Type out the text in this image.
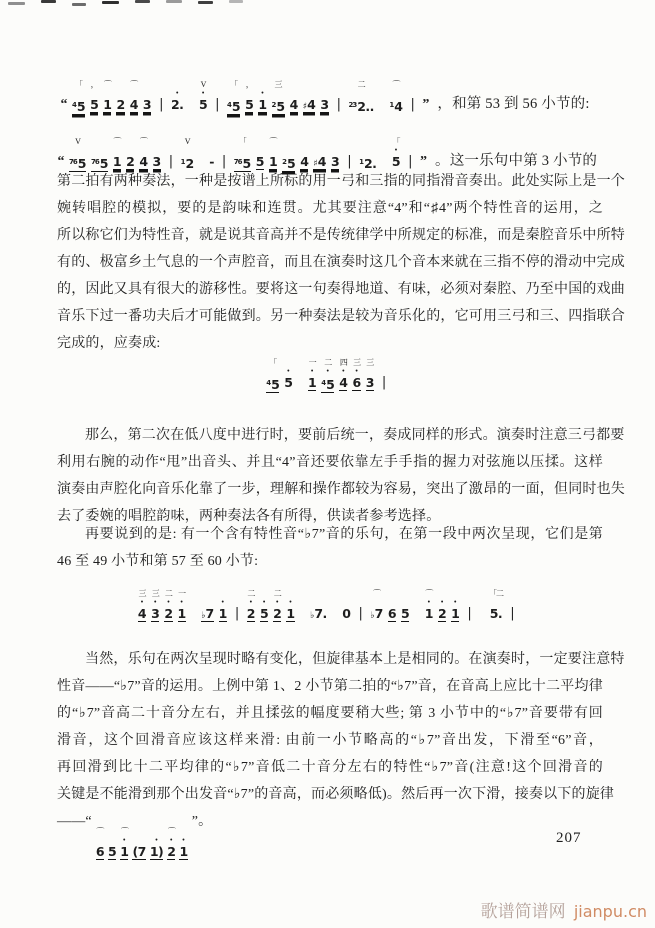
“

「

$^4$5

，

5

⌒

1

2

⌒

4

3

|

•
2.

V
•
5

|

「

$^4$5

，

5

•
1

三

$^2$5

4

♯4

3

|

二

$^{23}$2..

⌒

$^1$4

|

”
，和第 53 到 56 小节的:

“

V

$^{76}$5

$^{76}$5

⌒

1

2

⌒

4

3

|

V

$^1$2

-

|

「

$^{76}$5

5

⌒

1

$^2$5

4

♯4

3

|

	$^1$2.

「
•
5

|

”
。这一乐句中第 3 小节的
第二拍有两种奏法，一种是按谱上所标的用一弓和三指的同指滑音奏出。此处实际上是一个
婉转唱腔的模拟，要的是韵味和连贯。尤其要注意“4”和“♯4”两个特性音的运用，之
所以称它们为特性音，就是说其音高并不是传统律学中所规定的标准，而是秦腔音乐中所特
有的、极富乡土气息的一个声腔音，而且在演奏时这几个音本来就在三指不停的滑动中完成
的，因此又具有很大的游移性。要将这一句奏得地道、有味，必须对秦腔、乃至中国的戏曲
音乐下过一番功夫后才可能做到。另一种奏法是较为音乐化的，它可用三弓和三、四指联合
完成的，应奏成:
「

$^4$5

•
5

一
•
1

二
•
$^4$5

四
•
4

三
•
6

三

3

|

那么，第二次在低八度中进行时，要前后统一，奏成同样的形式。演奏时注意三弓都要
利用右腕的动作“甩”出音头、并且“4”音还要依靠左手手指的握力对弦施以压揉。这样
演奏由声腔化向音乐化靠了一步，理解和操作都较为容易，突出了激昂的一面，但同时也失
去了委婉的唱腔韵味，两种奏法各有所得，供读者参考选择。
再要说到的是: 有一个含有特性音“♭7”音的乐句，在第一段中两次呈现，它们是第
46 至 49 小节和第 57 至 60 小节:
三
•
4

三
•
3

二
•
2

一
•
1

♭7

•
1

|

二
•
2

•
5

二
•
2

•
1

♭7.

0

|

⌒

♭7

6

5

⌒
•
1

•
2

•
1

|

「二

5.

|

当然，乐句在两次呈现时略有变化，但旋律基本上是相同的。在演奏时，一定要注意特
性音——“♭7”音的运用。上例中第 1、2 小节第二拍的“♭7”音，在音高上应比十二平均律
的“♭7”音高二十音分左右，并且揉弦的幅度要稍大些; 第 3 小节中的“♭7”音要带有回
滑音，这个回滑音应该这样来滑: 由前一小节略高的“♭7”音出发，下滑至“6”音，
再回滑到比十二平均律的“♭7”音低二十音分左右的特性“♭7”音(注意!这个回滑音的
关键是不能滑到那个出发音“♭7”的音高，而必须略低)。然后再一次下滑，接奏以下的旋律
——“
⌒

6

5

⌒
•
1

(7

•
1)

⌒
•
2

•
1

”。
207
歌谱简谱网 jianpu.cn
